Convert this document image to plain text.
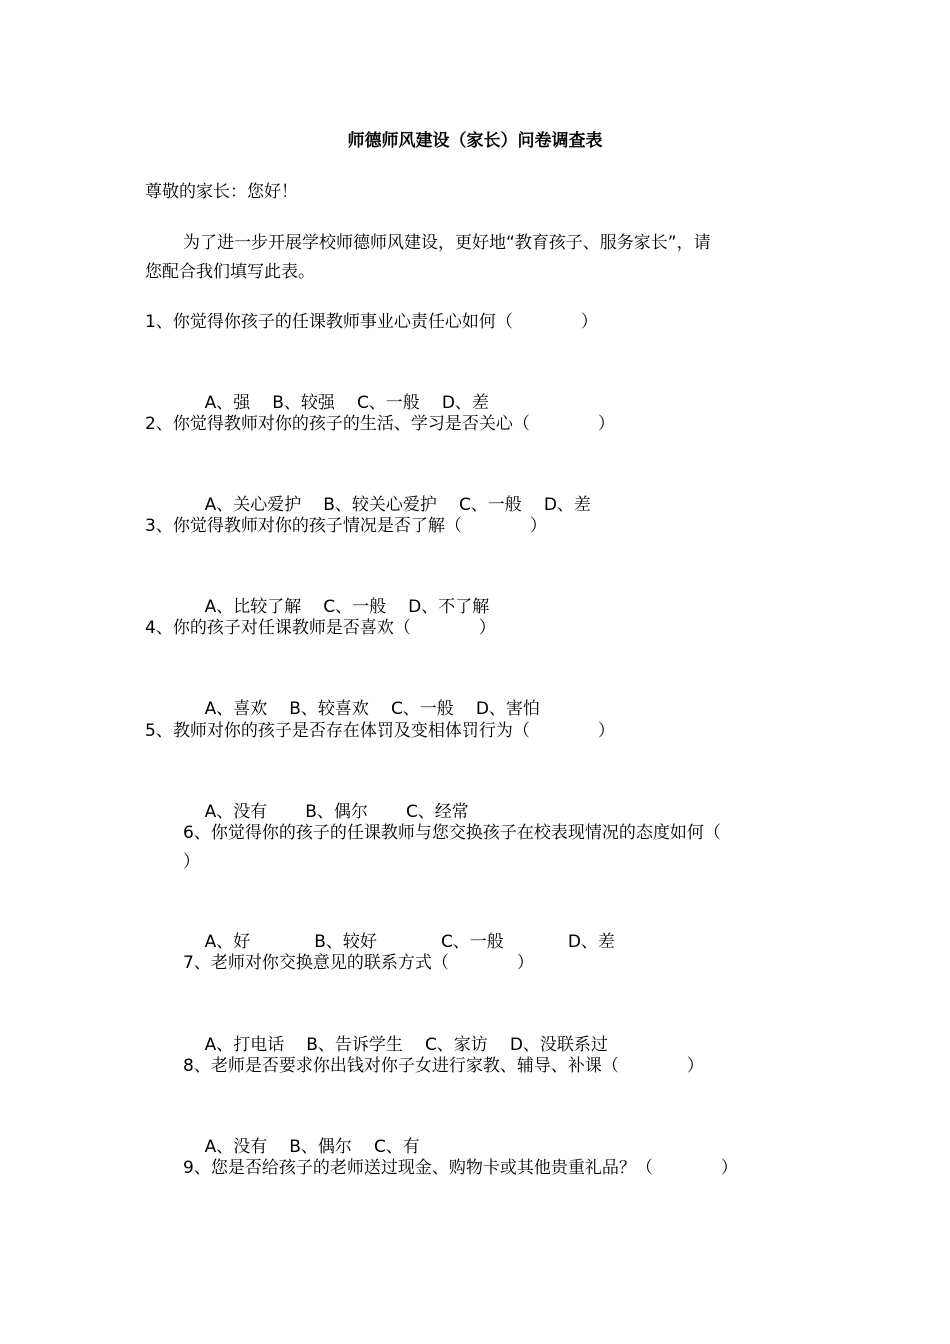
师德师风建设（家长）问卷调查表
尊敬的家长：您好！
为了进一步开展学校师德师风建设，更好地“教育孩子、服务家长”，请
您配合我们填写此表。
1、你觉得你孩子的任课教师事业心责任心如何（　　　　）

A、强 B、较强 C、一般 D、差

2、你觉得教师对你的孩子的生活、学习是否关心（　　　　）

A、关心爱护 B、较关心爱护 C、一般 D、差

3、你觉得教师对你的孩子情况是否了解（　　　　）

A、比较了解 C、一般 D、不了解

4、你的孩子对任课教师是否喜欢（　　　　）

A、喜欢 B、较喜欢 C、一般 D、害怕

5、教师对你的孩子是否存在体罚及变相体罚行为（　　　　）

A、没有 B、偶尔 C、经常

6、你觉得你的孩子的任课教师与您交换孩子在校表现情况的态度如何（
）

A、好	B、较好	C、一般	D、差

7、老师对你交换意见的联系方式（　　　　）

A、打电话 B、告诉学生 C、家访 D、没联系过

8、老师是否要求你出钱对你子女进行家教、辅导、补课（　　　　）

A、没有 B、偶尔 C、有

9、您是否给孩子的老师送过现金、购物卡或其他贵重礼品？（　　　　）
